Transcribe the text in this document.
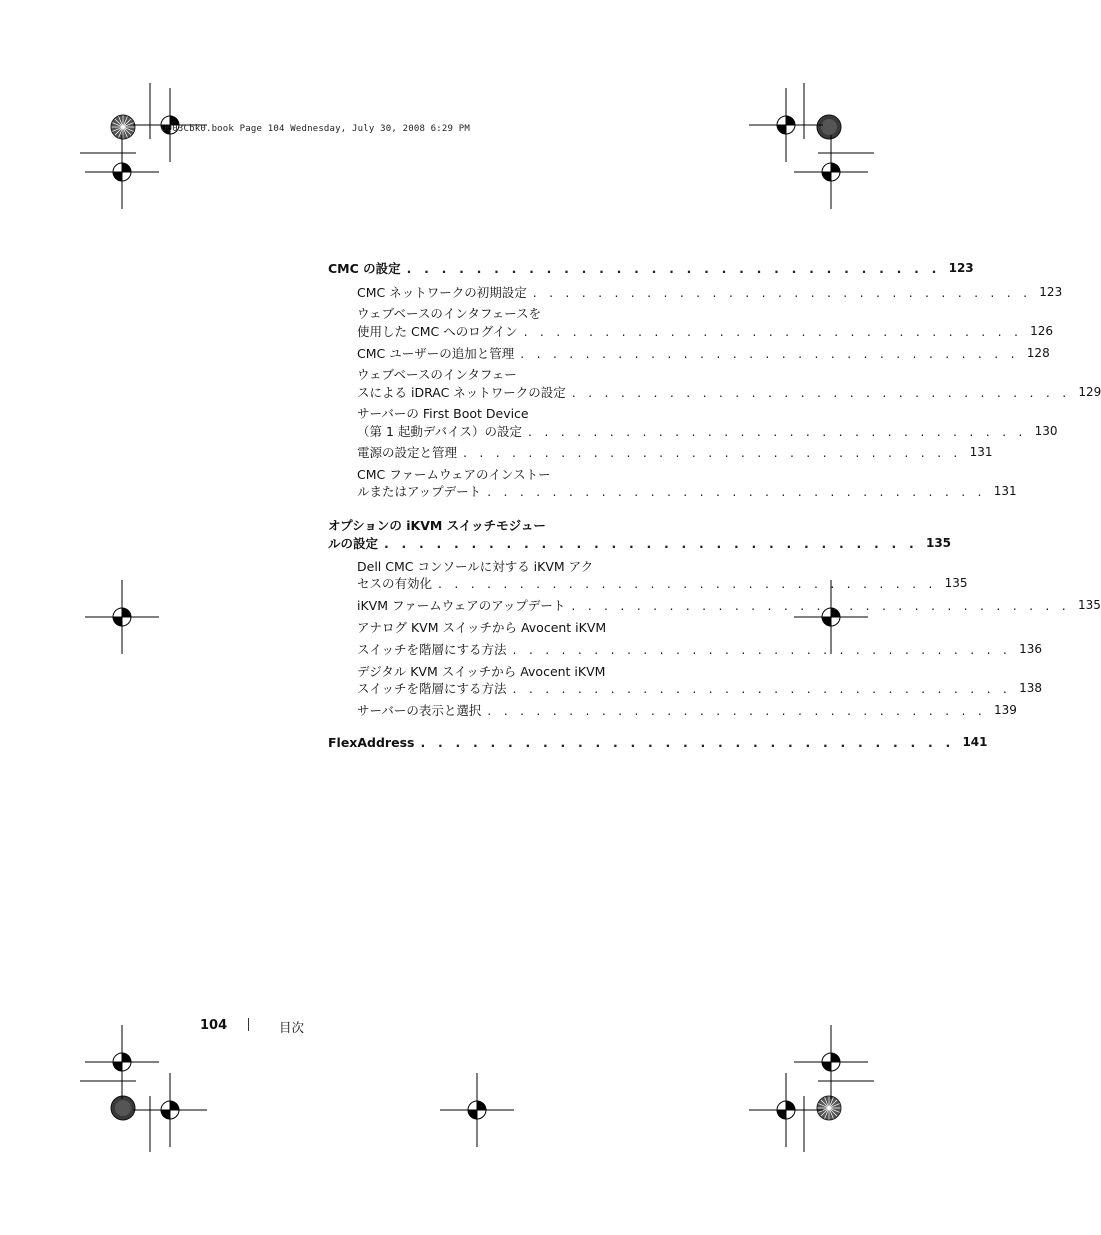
U003Cbk0.book Page 104 Wednesday, July 30, 2008 6:29 PM
CMC の設定 . . . . . . . . . . . . . . . . . . . . . . . . . . . . . . . 123
CMC ネットワークの初期設定 . . . . . . . . . . . . . . . . . . . . . . . . . . . . . . . 123
ウェブベースのインタフェースを
使用した CMC へのログイン . . . . . . . . . . . . . . . . . . . . . . . . . . . . . . . 126
CMC ユーザーの追加と管理 . . . . . . . . . . . . . . . . . . . . . . . . . . . . . . . 128
ウェブベースのインタフェー
スによる iDRAC ネットワークの設定 . . . . . . . . . . . . . . . . . . . . . . . . . . . . . . . 129
サーバーの First Boot Device
（第 1 起動デバイス）の設定 . . . . . . . . . . . . . . . . . . . . . . . . . . . . . . . 130
電源の設定と管理 . . . . . . . . . . . . . . . . . . . . . . . . . . . . . . . 131
CMC ファームウェアのインストー
ルまたはアップデート . . . . . . . . . . . . . . . . . . . . . . . . . . . . . . . 131
オプションの iKVM スイッチモジュー
ルの設定 . . . . . . . . . . . . . . . . . . . . . . . . . . . . . . . 135
Dell CMC コンソールに対する iKVM アク
セスの有効化 . . . . . . . . . . . . . . . . . . . . . . . . . . . . . . . 135
iKVM ファームウェアのアップデート . . . . . . . . . . . . . . . . . . . . . . . . . . . . . . . 135
アナログ KVM スイッチから Avocent iKVM
スイッチを階層にする方法 . . . . . . . . . . . . . . . . . . . . . . . . . . . . . . . 136
デジタル KVM スイッチから Avocent iKVM
スイッチを階層にする方法 . . . . . . . . . . . . . . . . . . . . . . . . . . . . . . . 138
サーバーの表示と選択 . . . . . . . . . . . . . . . . . . . . . . . . . . . . . . . 139
FlexAddress . . . . . . . . . . . . . . . . . . . . . . . . . . . . . . . 141
104	目次
